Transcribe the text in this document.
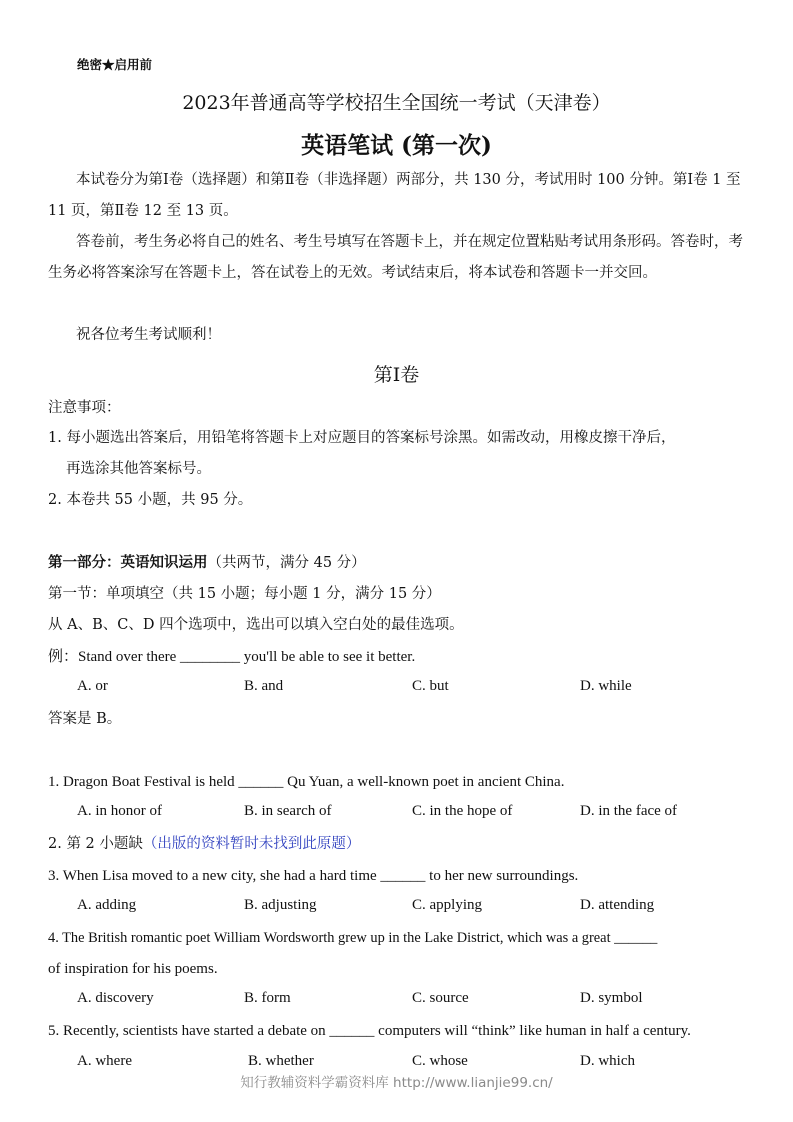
绝密★启用前
2023年普通高等学校招生全国统一考试（天津卷）
英语笔试 (第一次)
本试卷分为第Ⅰ卷（选择题）和第Ⅱ卷（非选择题）两部分，共 130 分，考试用时 100 分钟。第Ⅰ卷 1 至 11 页，第Ⅱ卷 12 至 13 页。
答卷前，考生务必将自己的姓名、考生号填写在答题卡上，并在规定位置粘贴考试用条形码。答卷时，考生务必将答案涂写在答题卡上，答在试卷上的无效。考试结束后，将本试卷和答题卡一并交回。
祝各位考生考试顺利！
第Ⅰ卷
注意事项：
1. 每小题选出答案后，用铅笔将答题卡上对应题目的答案标号涂黑。如需改动，用橡皮擦干净后，
再选涂其他答案标号。
2. 本卷共 55 小题，共 95 分。
第一部分：英语知识运用（共两节，满分 45 分）
第一节：单项填空（共 15 小题；每小题 1 分，满分 15 分）
从 A、B、C、D 四个选项中，选出可以填入空白处的最佳选项。
例：Stand over there ________ you'll be able to see it better.
A. or	B. and	C. but	D. while
答案是 B。
1. Dragon Boat Festival is held ______ Qu Yuan, a well-known poet in ancient China.
A. in honor of	B. in search of	C. in the hope of	D. in the face of
2. 第 2 小题缺（出版的资料暂时未找到此原题）
3. When Lisa moved to a new city, she had a hard time ______ to her new surroundings.
A. adding	B. adjusting	C. applying	D. attending
4. The British romantic poet William Wordsworth grew up in the Lake District, which was a great ______
of inspiration for his poems.
A. discovery	B. form	C. source	D. symbol
5. Recently, scientists have started a debate on ______ computers will “think” like human in half a century.
A. where	B. whether	C. whose	D. which
知行教辅资料学霸资料库 http://www.lianjie99.cn/
